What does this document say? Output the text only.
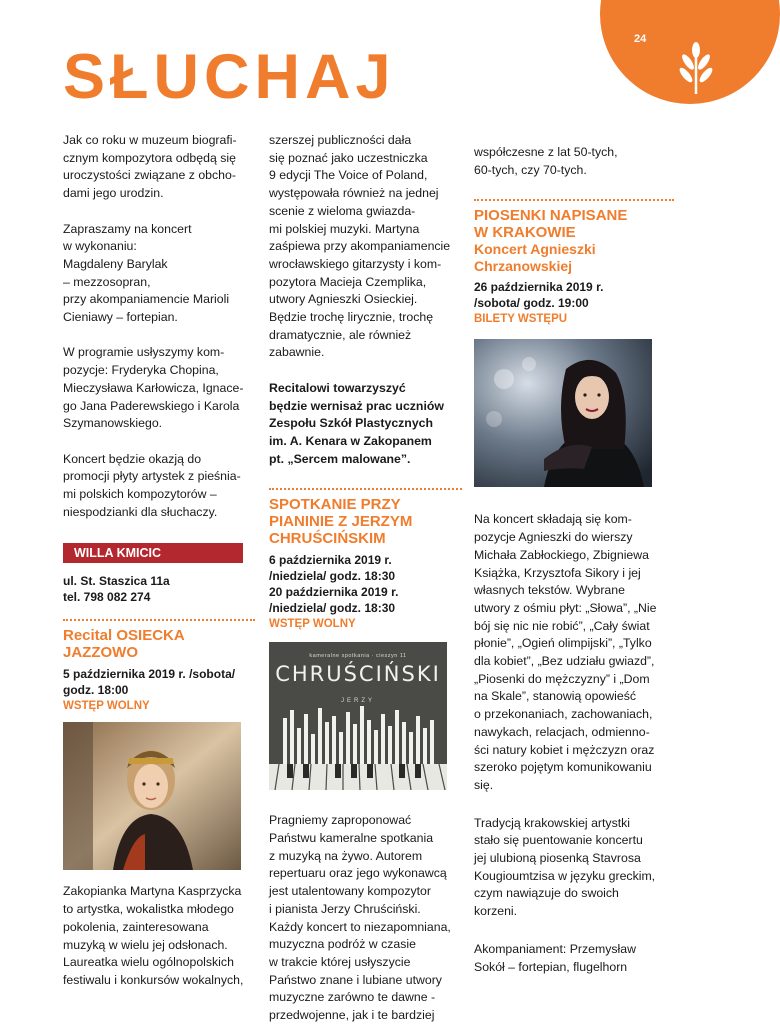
24
SŁUCHAJ
Jak co roku w muzeum biografi-
cznym kompozytora odbędą się
uroczystości związane z obcho-
dami jego urodzin.
Zapraszamy na koncert
w wykonaniu:
Magdaleny Barylak
– mezzosopran,
przy akompaniamencie Marioli
Cieniawy – fortepian.
W programie usłyszymy kom-
pozycje: Fryderyka Chopina,
Mieczysława Karłowicza, Ignace-
go Jana Paderewskiego i Karola
Szymanowskiego.
Koncert będzie okazją do
promocji płyty artystek z pieśnia-
mi polskich kompozytorów –
niespodzianki dla słuchaczy.
WILLA KMICIC
ul. St. Staszica 11a
tel. 798 082 274
Recital OSIECKA
JAZZOWO
5 października 2019 r. /sobota/
godz. 18:00
WSTĘP WOLNY
Zakopianka Martyna Kasprzycka
to artystka, wokalistka młodego
pokolenia, zainteresowana
muzyką w wielu jej odsłonach.
Laureatka wielu ogólnopolskich
festiwalu i konkursów wokalnych,
szerszej publiczności dała
się poznać jako uczestniczka
9 edycji The Voice of Poland,
występowała również na jednej
scenie z wieloma gwiazda-
mi polskiej muzyki. Martyna
zaśpiewa przy akompaniamencie
wrocławskiego gitarzysty i kom-
pozytora Macieja Czemplika,
utwory Agnieszki Osieckiej.
Będzie trochę lirycznie, trochę
dramatycznie, ale również
zabawnie.
Recitalowi towarzyszyć
będzie wernisaż prac uczniów
Zespołu Szkół Plastycznych
im. A. Kenara w Zakopanem
pt. „Sercem malowane”.
SPOTKANIE PRZY
PIANINIE Z JERZYM
CHRUŚCIŃSKIM
6 października 2019 r.
/niedziela/ godz. 18:30
20 października 2019 r.
/niedziela/ godz. 18:30
WSTĘP WOLNY
kameralne spotkania · cieszyn 11
CHRUŚCIŃSKI
JERZY
Pragniemy zaproponować
Państwu kameralne spotkania
z muzyką na żywo. Autorem
repertuaru oraz jego wykonawcą
jest utalentowany kompozytor
i pianista Jerzy Chruściński.
Każdy koncert to niezapomniana,
muzyczna podróż w czasie
w trakcie której usłyszycie
Państwo znane i lubiane utwory
muzyczne zarówno te dawne -
przedwojenne, jak i te bardziej
współczesne z lat 50-tych,
60-tych, czy 70-tych.
PIOSENKI NAPISANE
W KRAKOWIE
Koncert Agnieszki
Chrzanowskiej
26 października 2019 r.
/sobota/ godz. 19:00
BILETY WSTĘPU
Na koncert składają się kom-
pozycje Agnieszki do wierszy
Michała Zabłockiego, Zbigniewa
Książka, Krzysztofa Sikory i jej
własnych tekstów. Wybrane
utwory z ośmiu płyt: „Słowa”, „Nie
bój się nic nie robić”, „Cały świat
płonie”, „Ogień olimpijski”, „Tylko
dla kobiet”, „Bez udziału gwiazd”,
„Piosenki do mężczyzny” i „Dom
na Skale”, stanowią opowieść
o przekonaniach, zachowaniach,
nawykach, relacjach, odmienno-
ści natury kobiet i mężczyzn oraz
szeroko pojętym komunikowaniu
się.
Tradycją krakowskiej artystki
stało się puentowanie koncertu
jej ulubioną piosenką Stavrosa
Kougioumtzisa w języku greckim,
czym nawiązuje do swoich
korzeni.
Akompaniament: Przemysław
Sokół – fortepian, flugelhorn
